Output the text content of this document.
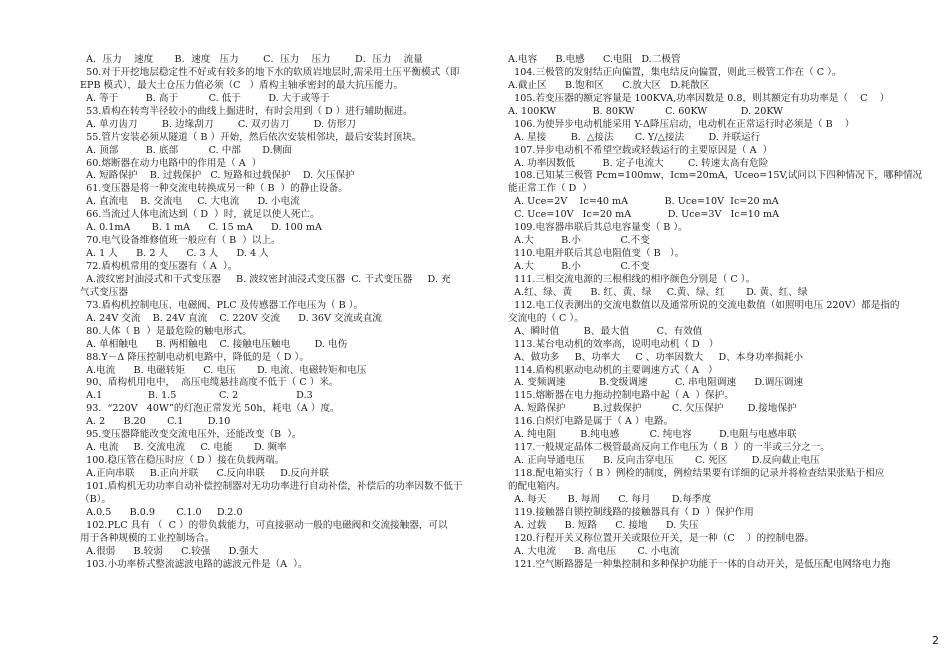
A．压力    速度       B．速度   压力        C．压力    压力        D．压力    流量
50.对于开挖地层稳定性不好或有较多的地下水的软质岩地层时,需采用土压平衡模式（即
EPB 模式），最大土仓压力值必须（C   ）盾构主轴承密封的最大抗压能力。
A. 等于         B. 高于          C. 低于         D. 大于或等于
53.盾构在转弯半径较小的曲线上掘进时，有时会用到（ D ）进行辅助掘进。
A. 单刃齿刀        B. 边缘刮刀        C. 双刃齿刀        D. 仿形刀
55.管片安装必须从隧道（ B ）开始，然后依次安装相邻块，最后安装封顶块。
A. 顶部         B. 底部          C. 中部       D.侧面
60.熔断器在动力电路中的作用是（ A  ）
A. 短路保护    B. 过载保护   C. 短路和过载保护    D. 欠压保护
61.变压器是将一种交流电转换成另一种（ B  ）的静止设备。
A. 直流电    B. 交流电     C. 大电流      D. 小电流
66.当流过人体电流达到（ D  ）时，就足以使人死亡。
A. 0.1mA       B. 1 mA      C. 15 mA      D. 100 mA
70.电气设备维修值班一般应有（ B  ）以上。
A. 1 人      B. 2 人      C. 3 人      D. 4 人
72.盾构机常用的变压器有（ A  ）。
A.波纹密封油浸式和干式变压器     B. 波纹密封油浸式变压器  C. 干式变压器     D. 充
气式变压器
73.盾构机控制电压、电磁阀、PLC 及传感器工作电压为（ B ）。
A. 24V 交流    B. 24V 直流    C. 220V 交流      D. 36V 交流或直流
80.人体（ B  ）是最危险的触电形式。
A. 单相触电      B. 两相触电    C. 接触电压触电        D. 电伤
88.Y－Δ 降压控制电动机电路中，降低的是（ D ）。
A.电流      B. 电磁转矩      C. 电压       D. 电流、电磁转矩和电压
90、盾构机用电中，  高压电缆悬挂高度不低于（ C ）米。
A.1               B. 1.5              C. 2                   D.3
93.  “220V   40W”的灯泡正常发光 50h，耗电（A ）度。
A. 2      B.20       C.1        D.10
95.变压器降能改变交流电压外，还能改变（B  ）。
A. 电流     B. 交流电流     C. 电能       D. 频率
100.稳压管在稳压时应（ D ）接在负载两端。
A.正向串联     B.正向并联      C.反向串联     D.反向并联
101.盾构机无功功率自动补偿控制器对无功功率进行自动补偿，补偿后的功率因数不低于
（B）。
A.0.5      B.0.9       C.1.0     D.2.0
102.PLC 具有 （  C ）的带负载能力，可直接驱动一般的电磁阀和交流接触器，可以
用于各种规模的工业控制场合。
A.很弱      B.较弱      C.较强      D.强大
103.小功率桥式整流滤波电路的滤波元件是（A  ）。
A.电容      B.电感      C.电阻   D.二极管
104.三极管的发射结正向偏置，集电结反向偏置，则此三极管工作在（ C ）。
A.截止区      B.饱和区      C.放大区   D.耗散区
105.若变压器的额定容量是 100KVA,功率因数是 0.8，则其额定有功功率是（    C    ）
A. 100KW            B. 80KW          C. 60KW           D. 20KW
106.为使异步电动机能采用 Y-Δ降压启动，电动机在正常运行时必须是（ B    ）
A. 星接        B.  △接法       C. Y/△接法        D. 并联运行
107.异步电动机不希望空载或轻载运行的主要原因是（ A  ）
A. 功率因数低         B. 定子电流大        C. 转速太高有危险
108.已知某三极管 Pcm=100mw，Icm=20mA，Uceo=15V,试问以下四种情况下，哪种情况
能正常工作（ D  ）
A. Uce=2V    Ic=40 mA            B. Uce=10V  Ic=20 mA
C. Uce=10V   Ic=20 mA            D. Uce=3V   Ic=10 mA
109.电容器串联后其总电容量变（ B ）。
A.大         B.小             C.不变
110.电阻并联后其总电阻值变（ B   ）。
A.大         B.小             C.不变
111.三相交流电源的三根相线的相序颜色分别是（ C ）。
A.红、绿、黄      B. 红、黄、绿     C.黄、绿、红       D. 黄、红、绿
112.电工仪表测出的交流电数值以及通常所说的交流电数值（如照明电压 220V）都是指的
交流电的（ C ）。
A、瞬时值        B、最大值         C、有效值
113.某台电动机的效率高，说明电动机（ D   ）
A、做功多     B、功率大     C 、功率因数大     D、本身功率损耗小
114.盾构机驱动电动机的主要调速方式（ A   ）
A. 变频调速           B.变级调速         C. 串电阻调速      D.调压调速
115.熔断器在电力拖动控制电路中起（ A  ）保护。
A. 短路保护         B.过载保护          C. 欠压保护        D.接地保护
116.白炽灯电路是属于（ A ）电路。
A. 纯电阻        B.纯电感          C. 纯电容         D.电阻与电感串联
117.一般规定晶体二极管最高反向工作电压为（ B  ）的一半或三分之一。
A. 正向导通电压      B. 反向击穿电压       C. 死区        D.反向截止电压
118.配电箱实行（ B ）例检的制度，例检结果要有详细的记录并将检查结果张贴于相应
的配电箱内。
A. 每天       B. 每周      C. 每月       D.每季度
119.接触器自锁控制线路的接触器具有（ D  ）保护作用
A. 过载      B. 短路      C. 接地      D. 失压
120.行程开关又称位置开关或限位开关，是一种（C    ）的控制电器。
A. 大电流      B. 高电压       C. 小电流
121.空气断路器是一种集控制和多种保护功能于一体的自动开关，是低压配电网络电力拖
2
